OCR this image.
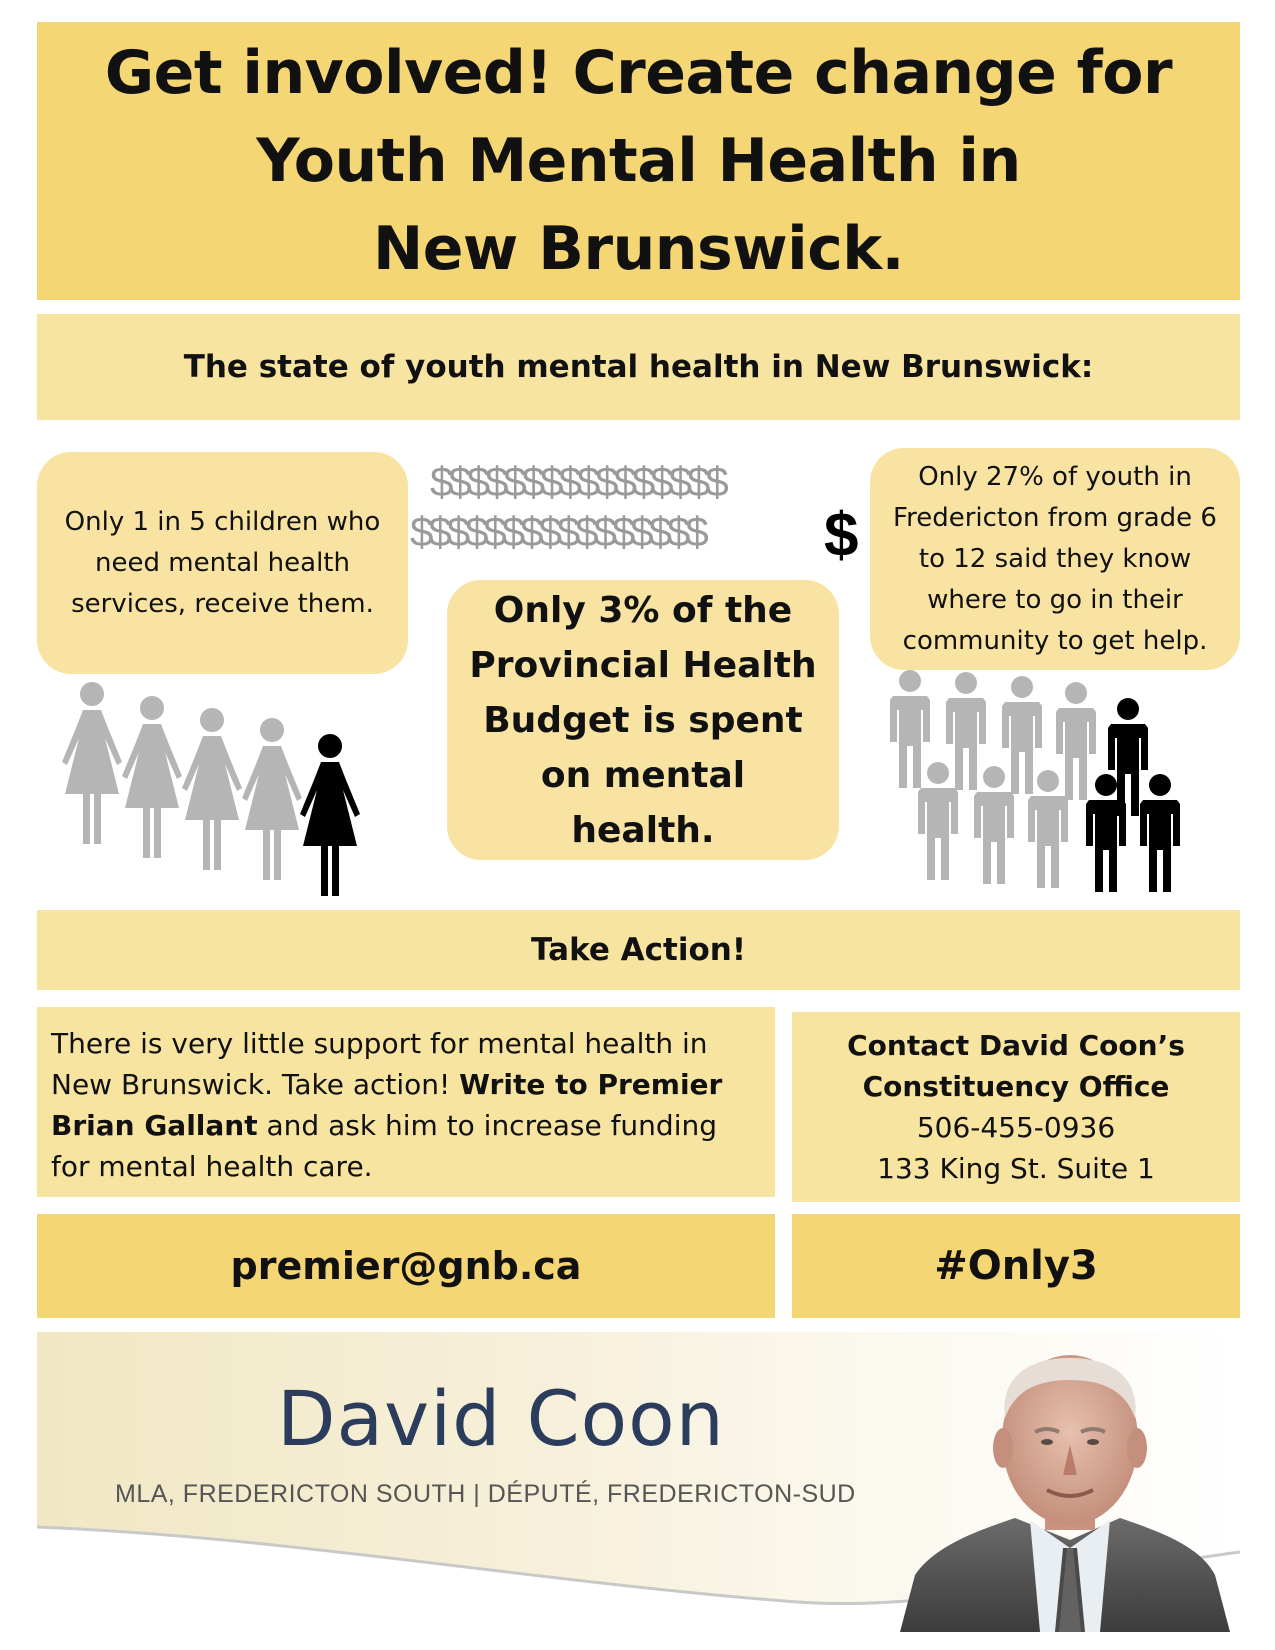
Get involved! Create change for
Youth Mental Health in
New Brunswick.
The state of youth mental health in New Brunswick:
Only 1 in 5 children who need mental health services, receive them.
$$$$$$$$$$$$$$$$
$$$$$$$$$$$$$$$$ $
Only 3% of the Provincial Health Budget is spent on mental health.
Only 27% of youth in Fredericton from grade 6 to 12 said they know where to go in their community to get help.
Take Action!
There is very little support for mental health in New Brunswick. Take action! Write to Premier Brian Gallant and ask him to increase funding for mental health care.
Contact David Coon’s
Constituency Office
506-455-0936
133 King St. Suite 1
premier@gnb.ca	#Only3
David Coon
MLA, FREDERICTON SOUTH | DÉPUTÉ, FREDERICTON-SUD
